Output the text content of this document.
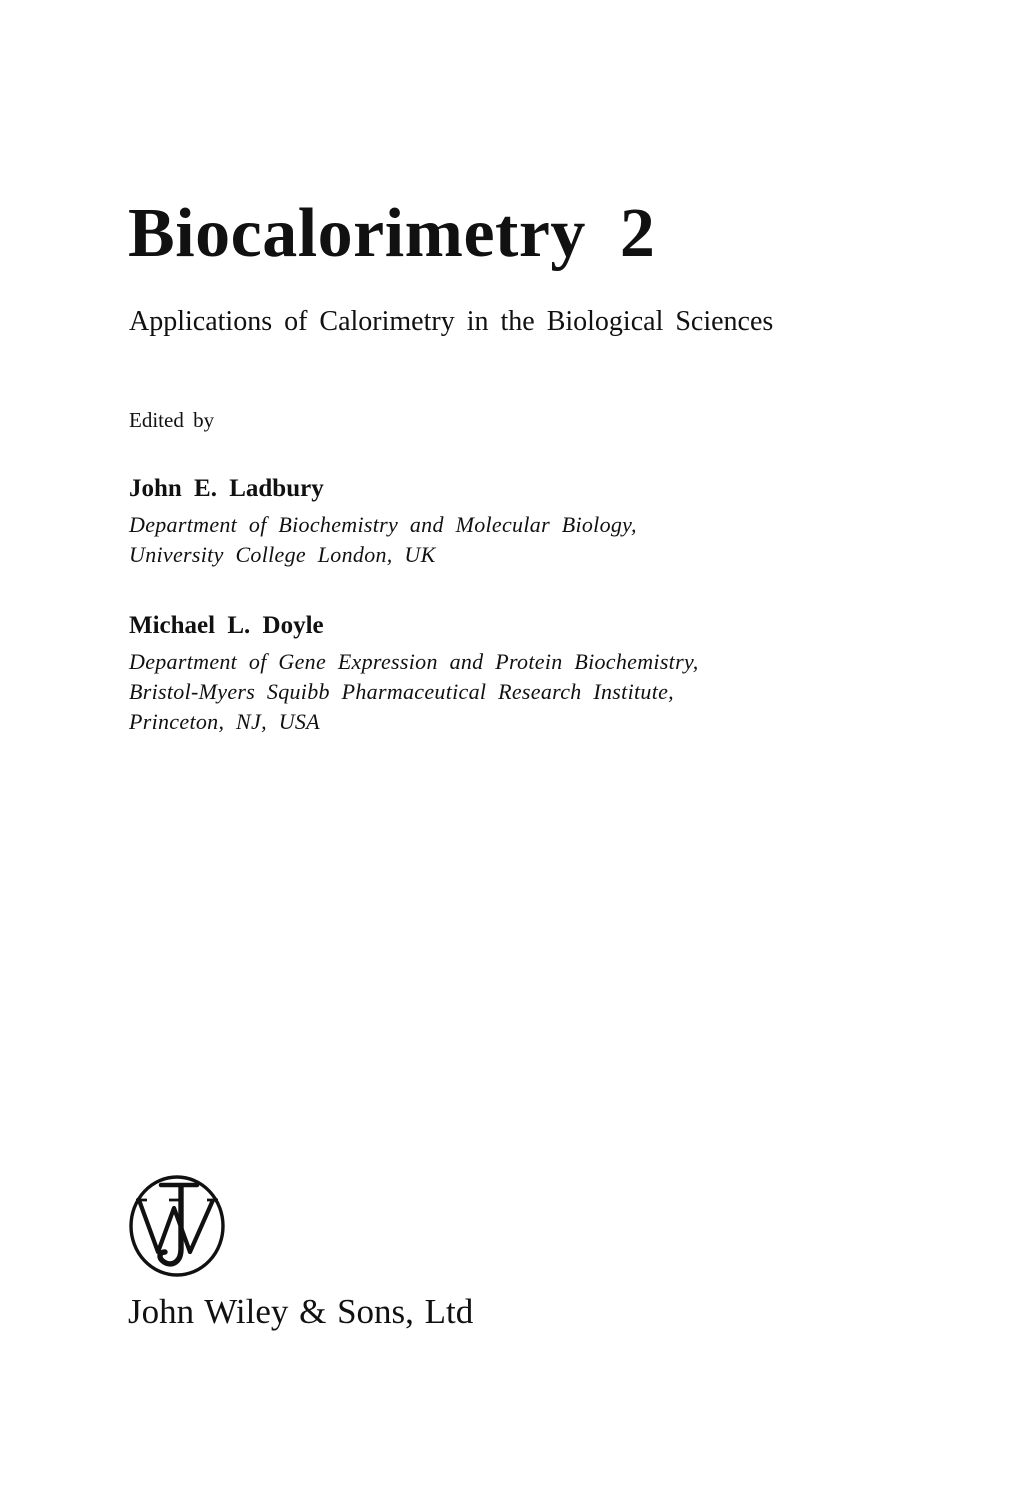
Biocalorimetry 2
Applications of Calorimetry in the Biological Sciences
Edited by
John E. Ladbury
Department of Biochemistry and Molecular Biology,
University College London, UK
Michael L. Doyle
Department of Gene Expression and Protein Biochemistry,
Bristol-Myers Squibb Pharmaceutical Research Institute,
Princeton, NJ, USA
John Wiley & Sons, Ltd
